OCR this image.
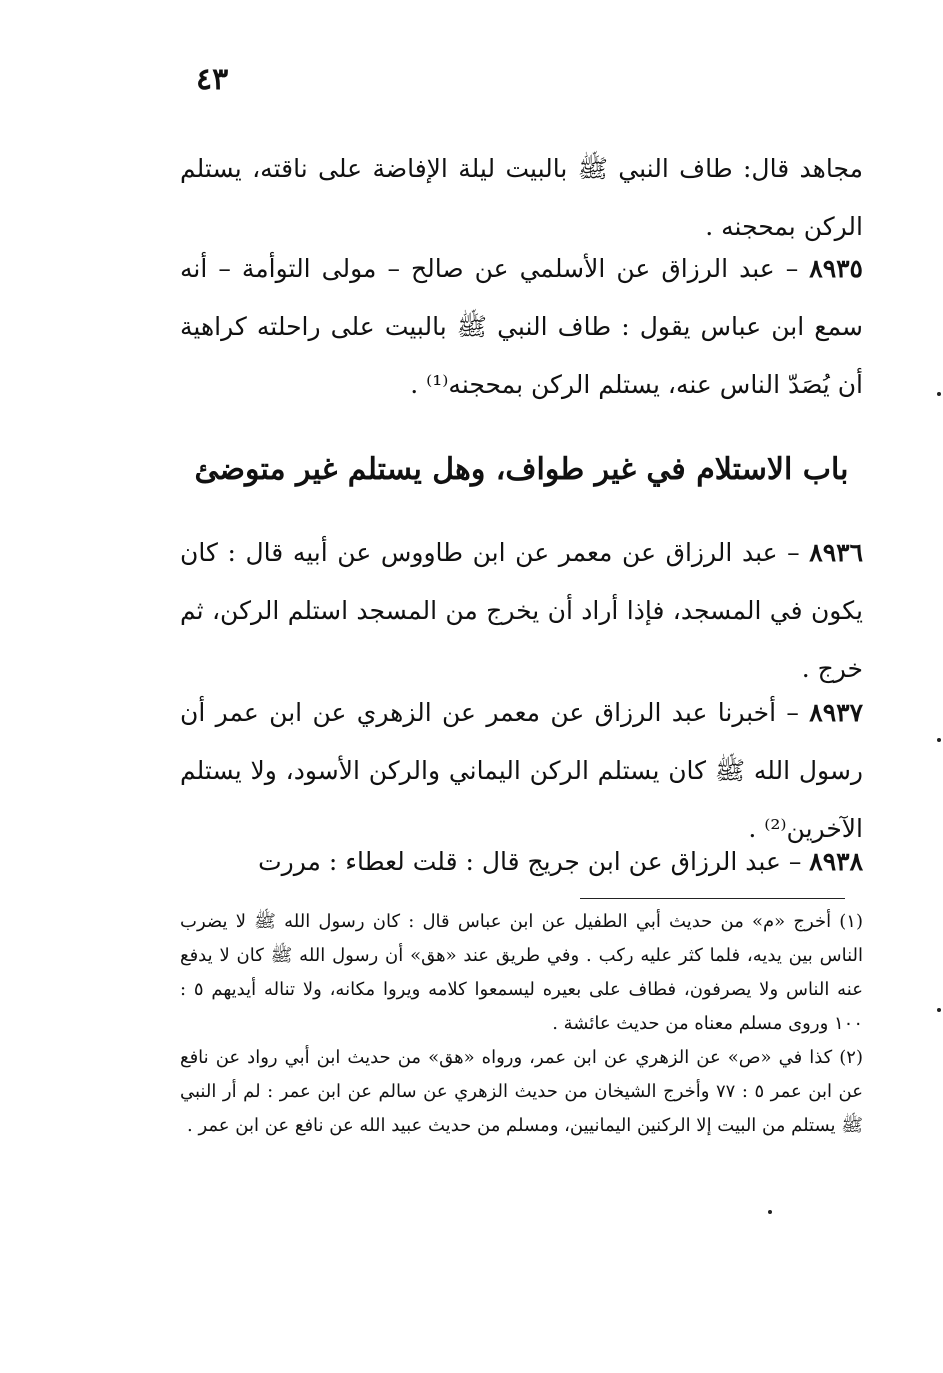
٤٣

مجاهد قال: طاف النبي ﷺ بالبيت ليلة الإفاضة على ناقته، يستلم الركن بمحجنه .

٨٩٣٥ – عبد الرزاق عن الأسلمي عن صالح – مولى التوأمة – أنه سمع ابن عباس يقول : طاف النبي ﷺ بالبيت على راحلته كراهية أن يُصَدّ الناس عنه، يستلم الركن بمحجنه⁽¹⁾ .

باب الاستلام في غير طواف، وهل يستلم غير متوضئ

٨٩٣٦ – عبد الرزاق عن معمر عن ابن طاووس عن أبيه قال : كان يكون في المسجد، فإذا أراد أن يخرج من المسجد استلم الركن، ثم خرج .

٨٩٣٧ – أخبرنا عبد الرزاق عن معمر عن الزهري عن ابن عمر أن رسول الله ﷺ كان يستلم الركن اليماني والركن الأسود، ولا يستلم الآخرين⁽²⁾ .

٨٩٣٨ – عبد الرزاق عن ابن جريج قال : قلت لعطاء : مررت

(١) أخرج «م» من حديث أبي الطفيل عن ابن عباس قال : كان رسول الله ﷺ لا يضرب الناس بين يديه، فلما كثر عليه ركب . وفي طريق عند «هق» أن رسول الله ﷺ كان لا يدفع عنه الناس ولا يصرفون، فطاف على بعيره ليسمعوا كلامه ويروا مكانه، ولا تناله أيديهم ٥ : ١٠٠ وروى مسلم معناه من حديث عائشة .

(٢) كذا في «ص» عن الزهري عن ابن عمر، ورواه «هق» من حديث ابن أبي رواد عن نافع عن ابن عمر ٥ : ٧٧ وأخرج الشيخان من حديث الزهري عن سالم عن ابن عمر : لم أر النبي ﷺ يستلم من البيت إلا الركنين اليمانيين، ومسلم من حديث عبيد الله عن نافع عن ابن عمر .
